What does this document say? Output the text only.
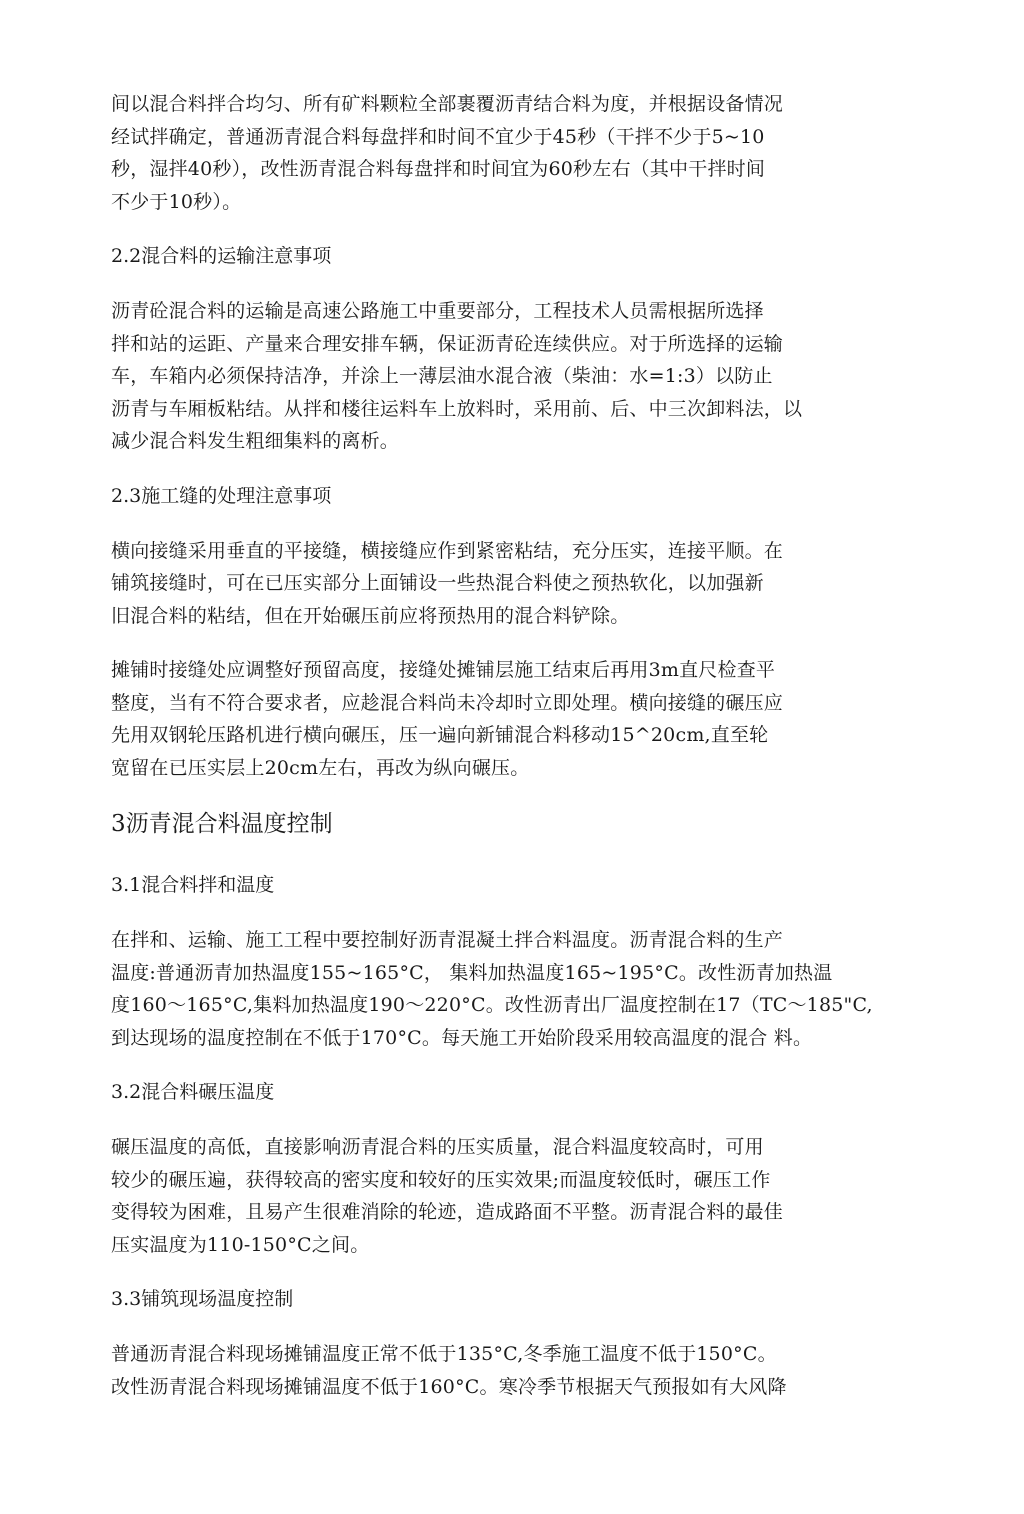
间以混合料拌合均匀、所有矿料颗粒全部裹覆沥青结合料为度，并根据设备情况
经试拌确定，普通沥青混合料每盘拌和时间不宜少于45秒（干拌不少于5~10
秒，湿拌40秒），改性沥青混合料每盘拌和时间宜为60秒左右（其中干拌时间
不少于10秒）。
2.2混合料的运输注意事项
沥青砼混合料的运输是高速公路施工中重要部分，工程技术人员需根据所选择
拌和站的运距、产量来合理安排车辆，保证沥青砼连续供应。对于所选择的运输
车，车箱内必须保持洁净，并涂上一薄层油水混合液（柴油：水=1:3）以防止
沥青与车厢板粘结。从拌和楼往运料车上放料时，采用前、后、中三次卸料法，以
减少混合料发生粗细集料的离析。
2.3施工缝的处理注意事项
横向接缝采用垂直的平接缝，横接缝应作到紧密粘结，充分压实，连接平顺。在
铺筑接缝时，可在已压实部分上面铺设一些热混合料使之预热软化，以加强新
旧混合料的粘结，但在开始碾压前应将预热用的混合料铲除。
摊铺时接缝处应调整好预留高度，接缝处摊铺层施工结束后再用3m直尺检查平
整度，当有不符合要求者，应趁混合料尚未冷却时立即处理。横向接缝的碾压应
先用双钢轮压路机进行横向碾压，压一遍向新铺混合料移动15^20cm,直至轮
宽留在已压实层上20cm左右，再改为纵向碾压。
3沥青混合料温度控制
3.1混合料拌和温度
在拌和、运输、施工工程中要控制好沥青混凝土拌合料温度。沥青混合料的生产
温度:普通沥青加热温度155~165°C， 集料加热温度165~195°C。改性沥青加热温
度160～165°C,集料加热温度190～220°C。改性沥青出厂温度控制在17（TC～185"C,
到达现场的温度控制在不低于170°C。每天施工开始阶段采用较高温度的混合 料。
3.2混合料碾压温度
碾压温度的高低，直接影响沥青混合料的压实质量，混合料温度较高时，可用
较少的碾压遍，获得较高的密实度和较好的压实效果;而温度较低时，碾压工作
变得较为困难，且易产生很难消除的轮迹，造成路面不平整。沥青混合料的最佳
压实温度为110-150°C之间。
3.3铺筑现场温度控制
普通沥青混合料现场摊铺温度正常不低于135°C,冬季施工温度不低于150°C。
改性沥青混合料现场摊铺温度不低于160°C。寒冷季节根据天气预报如有大风降
